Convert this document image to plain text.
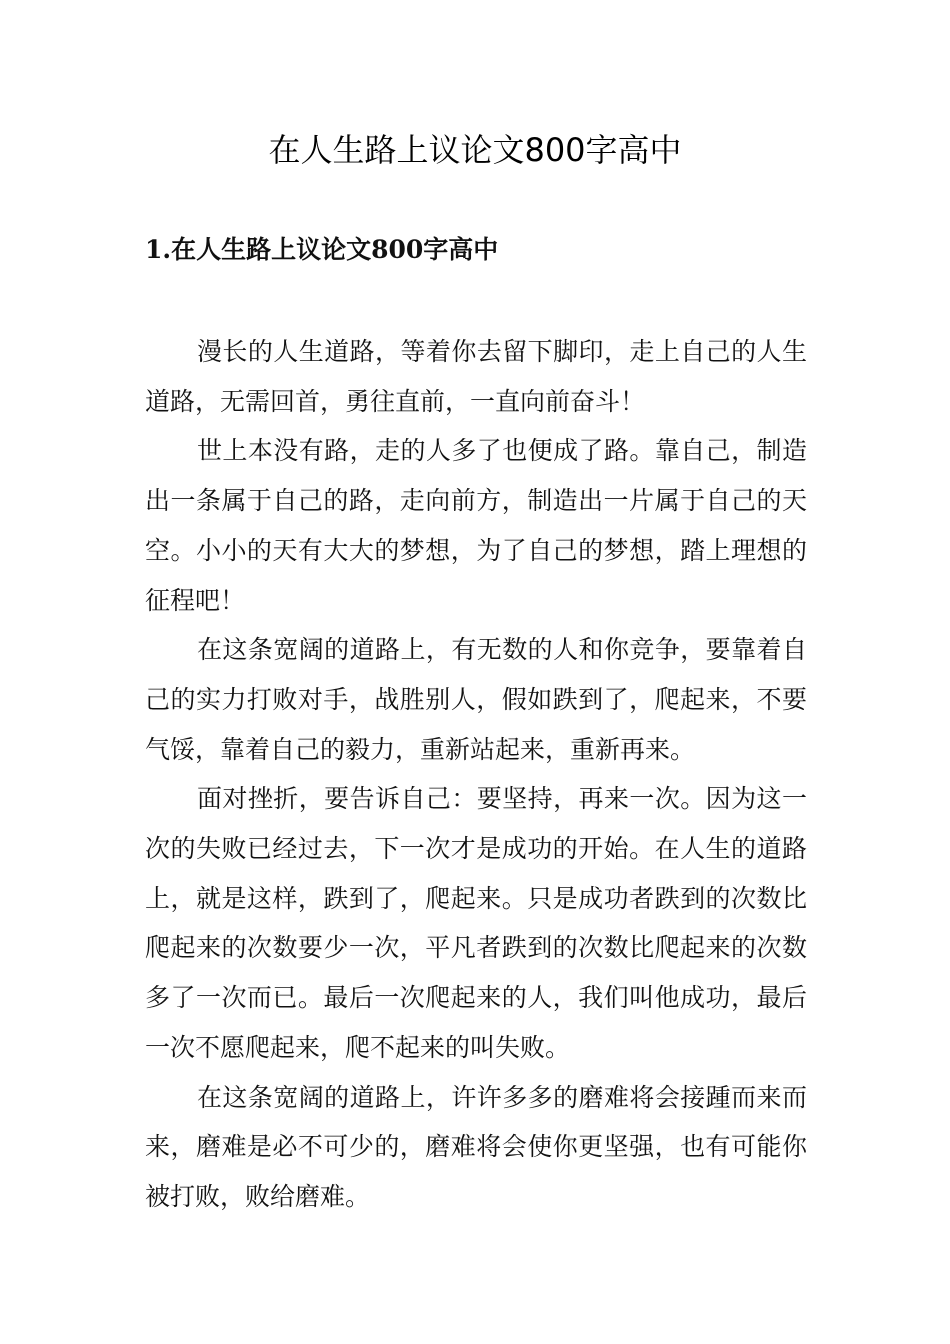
在人生路上议论文800字高中
1.在人生路上议论文800字高中

漫长的人生道路，等着你去留下脚印，走上自己的人生道路，无需回首，勇往直前，一直向前奋斗！

世上本没有路，走的人多了也便成了路。靠自己，制造出一条属于自己的路，走向前方，制造出一片属于自己的天空。小小的天有大大的梦想，为了自己的梦想，踏上理想的征程吧！

在这条宽阔的道路上，有无数的人和你竞争，要靠着自己的实力打败对手，战胜别人，假如跌到了，爬起来，不要气馁，靠着自己的毅力，重新站起来，重新再来。

面对挫折，要告诉自己：要坚持，再来一次。因为这一次的失败已经过去，下一次才是成功的开始。在人生的道路上，就是这样，跌到了，爬起来。只是成功者跌到的次数比爬起来的次数要少一次，平凡者跌到的次数比爬起来的次数多了一次而已。最后一次爬起来的人，我们叫他成功，最后一次不愿爬起来，爬不起来的叫失败。

在这条宽阔的道路上，许许多多的磨难将会接踵而来而来，磨难是必不可少的，磨难将会使你更坚强，也有可能你被打败，败给磨难。
